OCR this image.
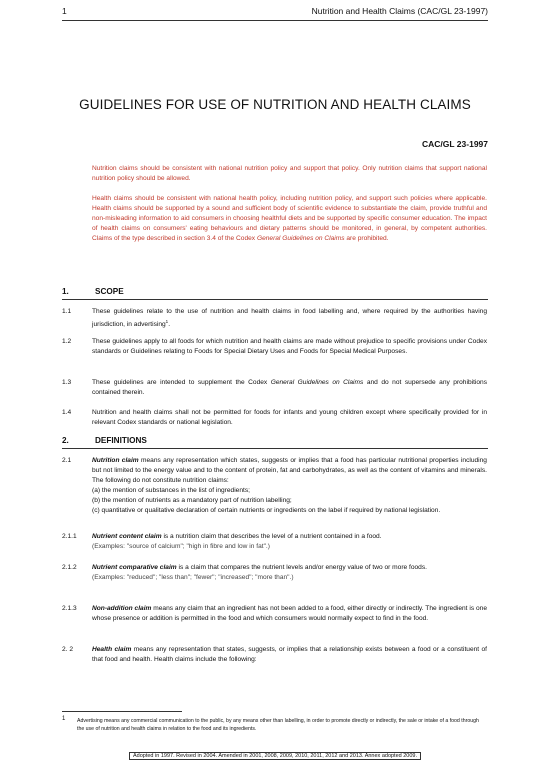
1	Nutrition and Health Claims (CAC/GL 23-1997)
GUIDELINES FOR USE OF NUTRITION AND HEALTH CLAIMS
CAC/GL 23-1997
Nutrition claims should be consistent with national nutrition policy and support that policy. Only nutrition claims that support national nutrition policy should be allowed.
Health claims should be consistent with national health policy, including nutrition policy, and support such policies where applicable. Health claims should be supported by a sound and sufficient body of scientific evidence to substantiate the claim, provide truthful and non-misleading information to aid consumers in choosing healthful diets and be supported by specific consumer education. The impact of health claims on consumers' eating behaviours and dietary patterns should be monitored, in general, by competent authorities. Claims of the type described in section 3.4 of the Codex General Guidelines on Claims are prohibited.
1.	SCOPE
1.1	These guidelines relate to the use of nutrition and health claims in food labelling and, where required by the authorities having jurisdiction, in advertising$^1$.
1.2	These guidelines apply to all foods for which nutrition and health claims are made without prejudice to specific provisions under Codex standards or Guidelines relating to Foods for Special Dietary Uses and Foods for Special Medical Purposes.
1.3	These guidelines are intended to supplement the Codex General Guidelines on Claims and do not supersede any prohibitions contained therein.
1.4	Nutrition and health claims shall not be permitted for foods for infants and young children except where specifically provided for in relevant Codex standards or national legislation.
2.	DEFINITIONS
2.1	Nutrition claim means any representation which states, suggests or implies that a food has particular nutritional properties including but not limited to the energy value and to the content of protein, fat and carbohydrates, as well as the content of vitamins and minerals. The following do not constitute nutrition claims:
(a) the mention of substances in the list of ingredients;
(b) the mention of nutrients as a mandatory part of nutrition labelling;
(c) quantitative or qualitative declaration of certain nutrients or ingredients on the label if required by national legislation.
2.1.1 Nutrient content claim is a nutrition claim that describes the level of a nutrient contained in a food.
(Examples: "source of calcium"; "high in fibre and low in fat".)
2.1.2 Nutrient comparative claim is a claim that compares the nutrient levels and/or energy value of two or more foods.
(Examples: "reduced"; "less than"; "fewer"; "increased"; "more than".)
2.1.3 Non-addition claim means any claim that an ingredient has not been added to a food, either directly or indirectly. The ingredient is one whose presence or addition is permitted in the food and which consumers would normally expect to find in the food.
2. 2	Health claim means any representation that states, suggests, or implies that a relationship exists between a food or a constituent of that food and health. Health claims include the following:
1	Advertising means any commercial communication to the public, by any means other than labelling, in order to promote directly or indirectly, the sale or intake of a food through the use of nutrition and health claims in relation to the food and its ingredients.
Adopted in 1997. Revised in 2004. Amended in 2001, 2008, 2009, 2010, 2011, 2012 and 2013. Annex adopted 2009.
